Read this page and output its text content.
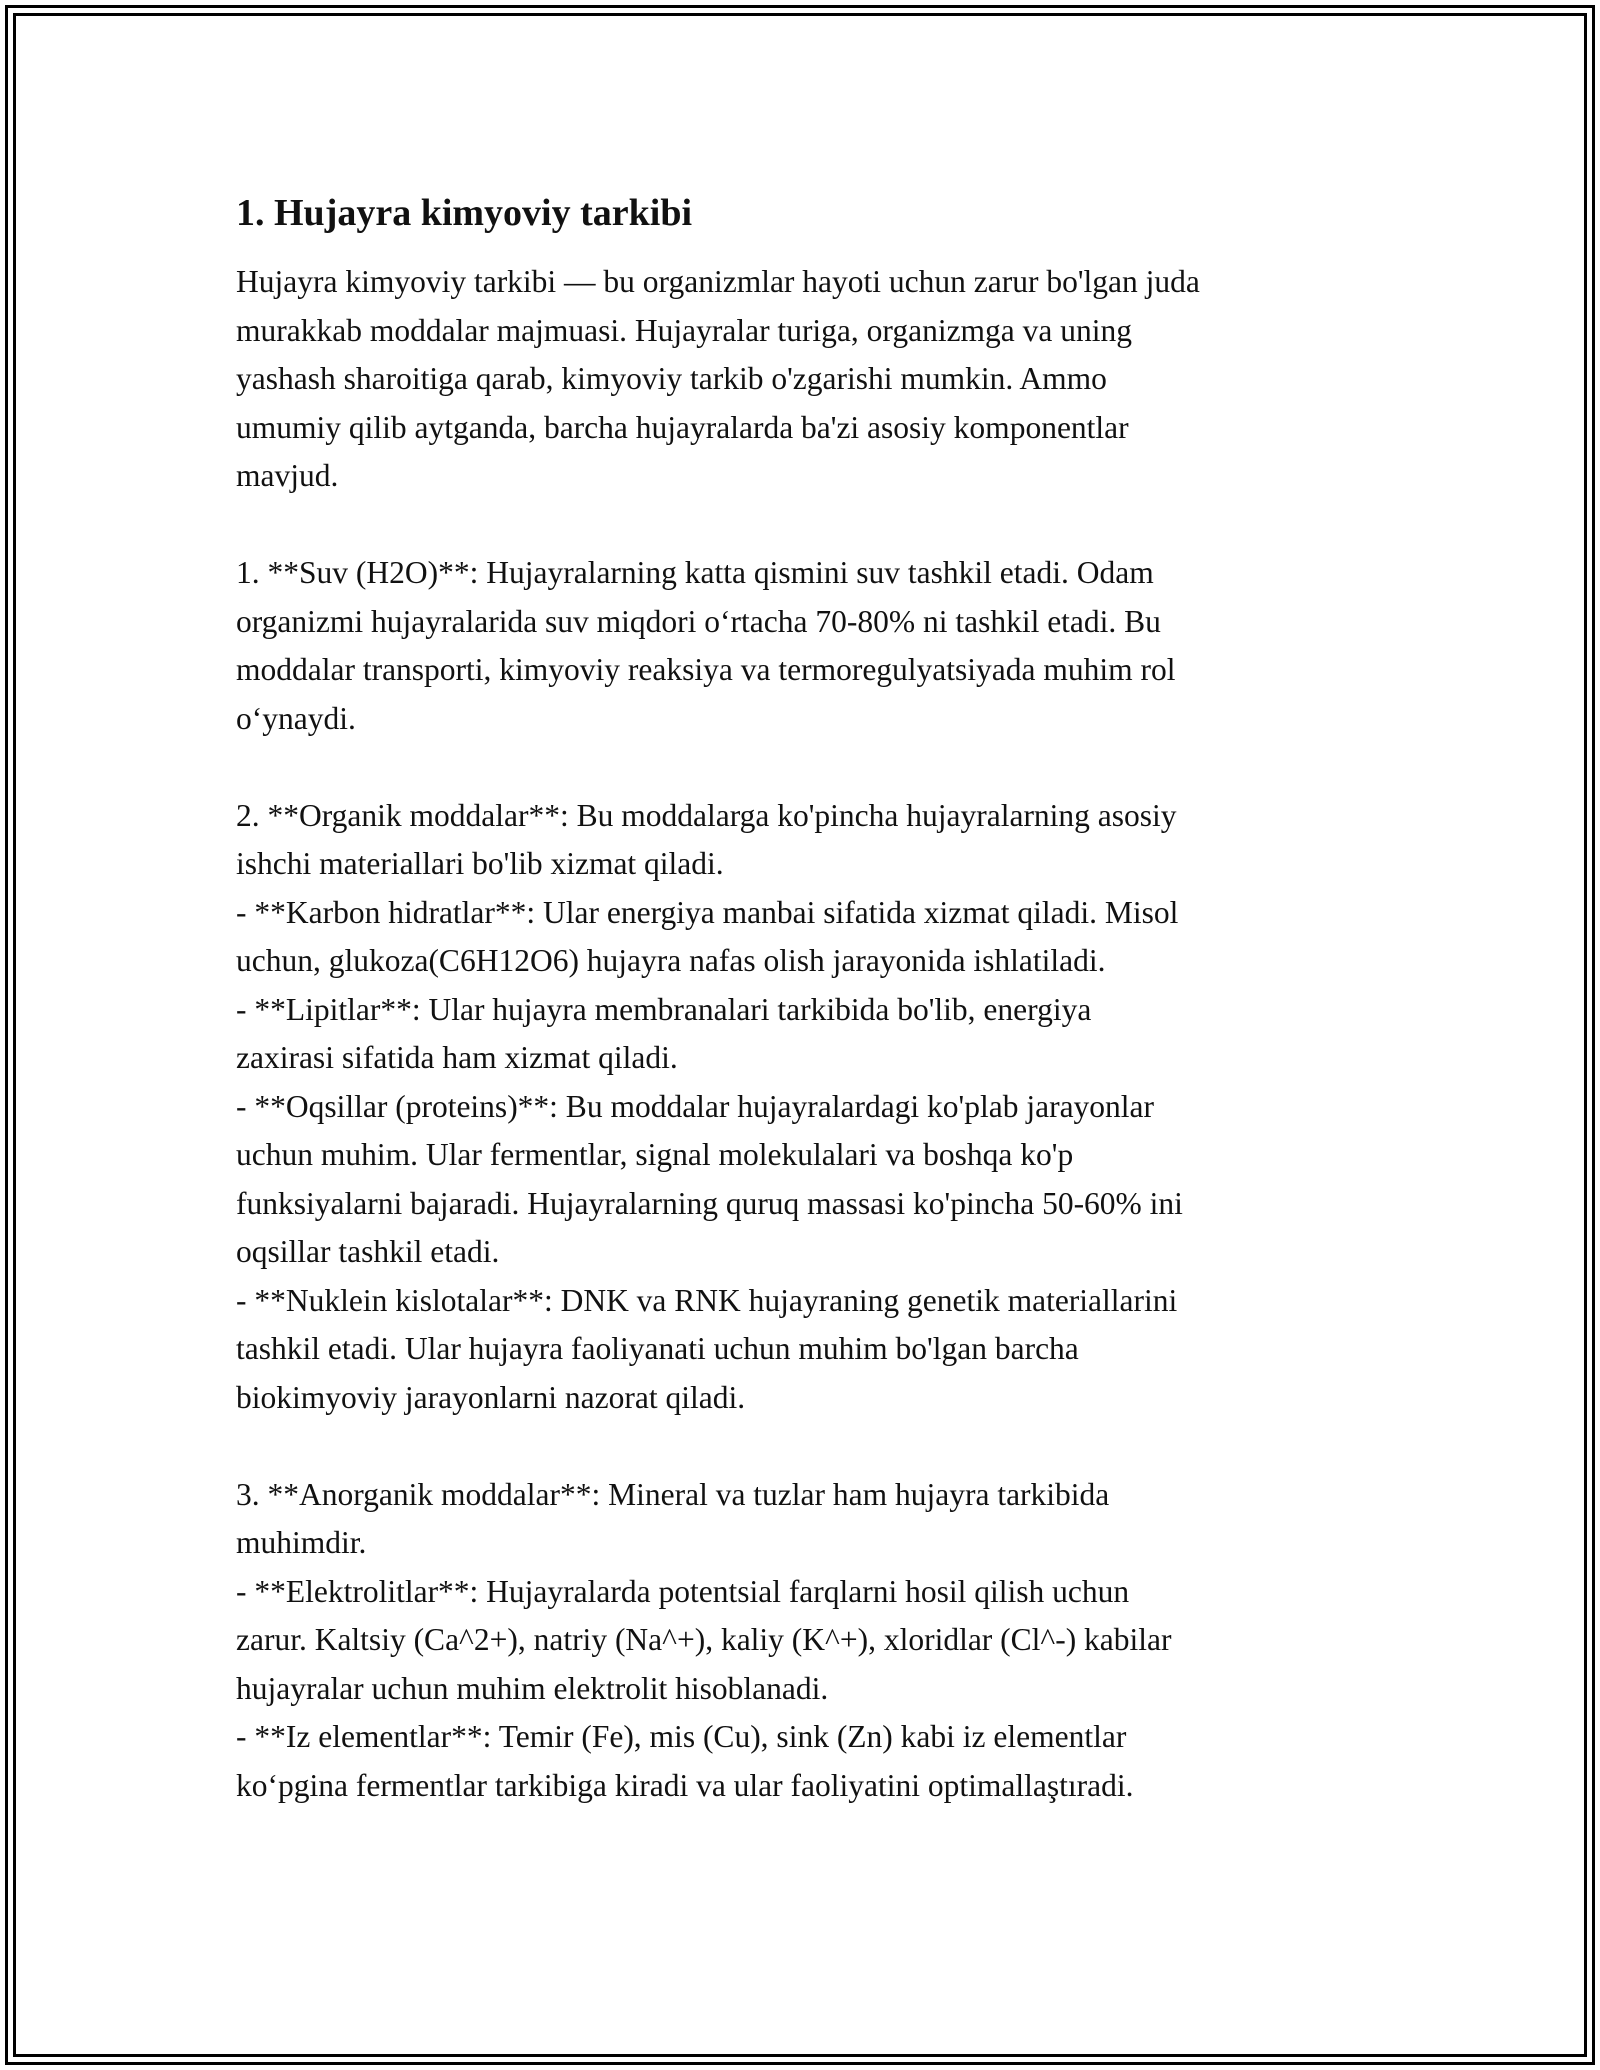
1. Hujayra kimyoviy tarkibi

Hujayra kimyoviy tarkibi — bu organizmlar hayoti uchun zarur bo'lgan juda
murakkab moddalar majmuasi. Hujayralar turiga, organizmga va uning
yashash sharoitiga qarab, kimyoviy tarkib o'zgarishi mumkin. Ammo
umumiy qilib aytganda, barcha hujayralarda ba'zi asosiy komponentlar
mavjud.

1. **Suv (H2O)**: Hujayralarning katta qismini suv tashkil etadi. Odam
organizmi hujayralarida suv miqdori o‘rtacha 70-80% ni tashkil etadi. Bu
moddalar transporti, kimyoviy reaksiya va termoregulyatsiyada muhim rol
o‘ynaydi.

2. **Organik moddalar**: Bu moddalarga ko'pincha hujayralarning asosiy
ishchi materiallari bo'lib xizmat qiladi.
- **Karbon hidratlar**: Ular energiya manbai sifatida xizmat qiladi. Misol
uchun, glukoza(C6H12O6) hujayra nafas olish jarayonida ishlatiladi.
- **Lipitlar**: Ular hujayra membranalari tarkibida bo'lib, energiya
zaxirasi sifatida ham xizmat qiladi.
- **Oqsillar (proteins)**: Bu moddalar hujayralardagi ko'plab jarayonlar
uchun muhim. Ular fermentlar, signal molekulalari va boshqa ko'p
funksiyalarni bajaradi. Hujayralarning quruq massasi ko'pincha 50-60% ini
oqsillar tashkil etadi.
- **Nuklein kislotalar**: DNK va RNK hujayraning genetik materiallarini
tashkil etadi. Ular hujayra faoliyanati uchun muhim bo'lgan barcha
biokimyoviy jarayonlarni nazorat qiladi.

3. **Anorganik moddalar**: Mineral va tuzlar ham hujayra tarkibida
muhimdir.
- **Elektrolitlar**: Hujayralarda potentsial farqlarni hosil qilish uchun
zarur. Kaltsiy (Ca^2+), natriy (Na^+), kaliy (K^+), xloridlar (Cl^-) kabilar
hujayralar uchun muhim elektrolit hisoblanadi.
- **Iz elementlar**: Temir (Fe), mis (Cu), sink (Zn) kabi iz elementlar
ko‘pgina fermentlar tarkibiga kiradi va ular faoliyatini optimallaştıradi.
